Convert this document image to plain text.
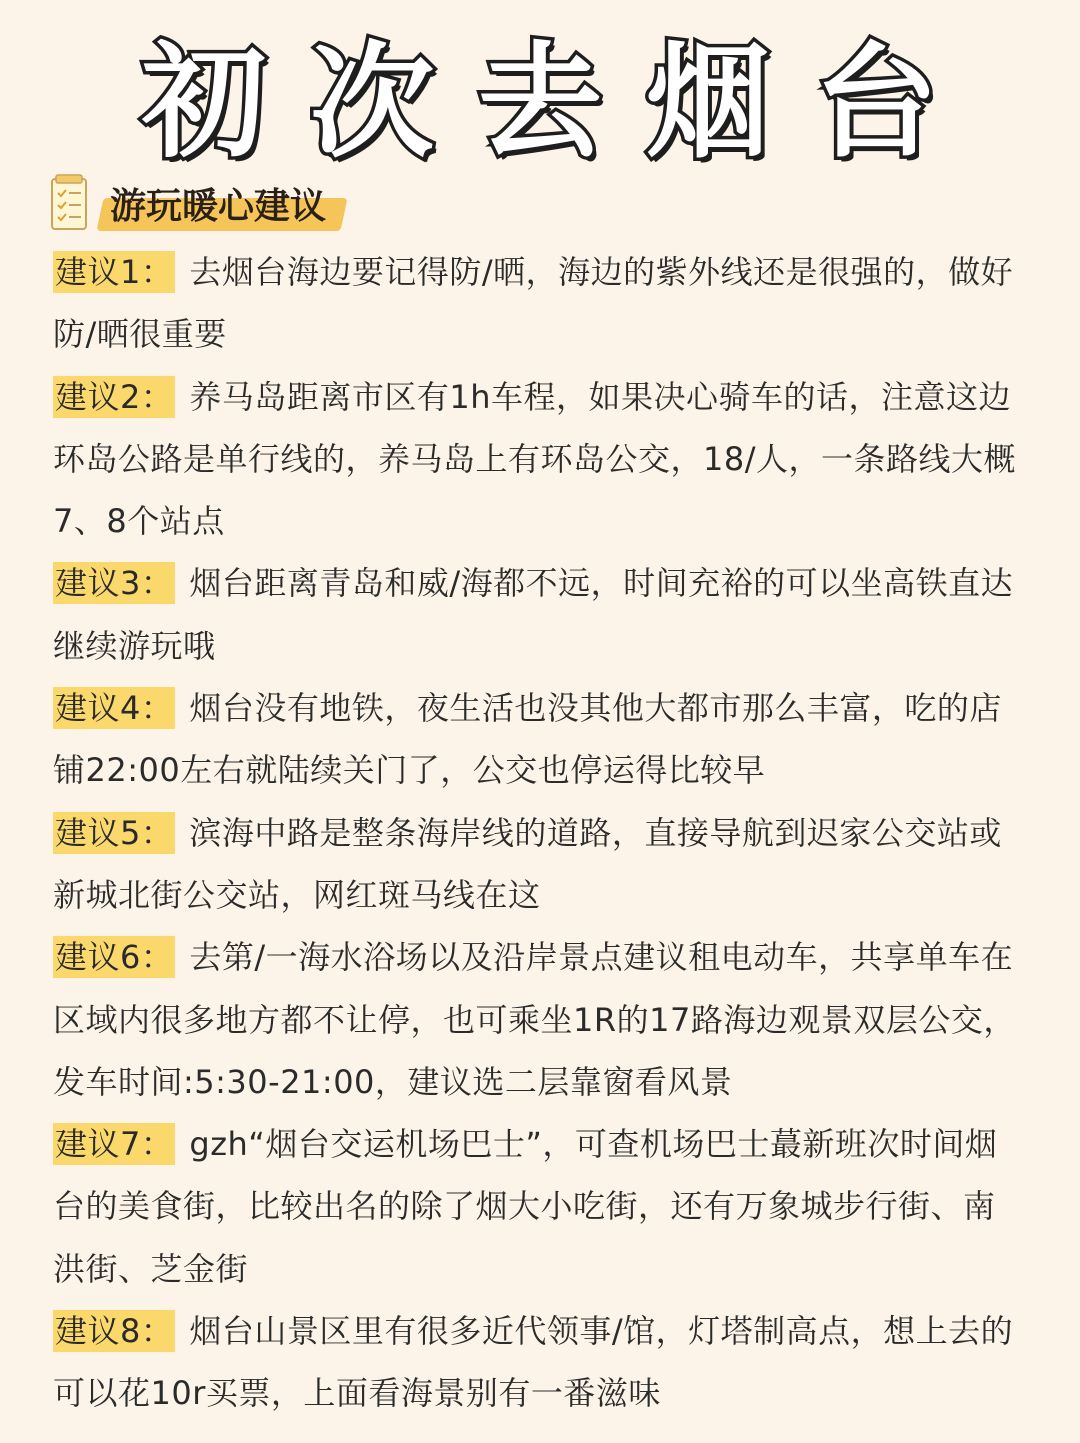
初 次 去 烟 台
游玩暖心建议

建议1： 去烟台海边要记得防/晒，海边的紫外线还是很强的，做好防/晒很重要

建议2： 养马岛距离市区有1h车程，如果决心骑车的话，注意这边环岛公路是单行线的，养马岛上有环岛公交，18/人，一条路线大概7、8个站点

建议3： 烟台距离青岛和威/海都不远，时间充裕的可以坐高铁直达继续游玩哦

建议4： 烟台没有地铁，夜生活也没其他大都市那么丰富，吃的店铺22:00左右就陆续关门了，公交也停运得比较早

建议5： 滨海中路是整条海岸线的道路，直接导航到迟家公交站或新城北街公交站，网红斑马线在这

建议6： 去第/一海水浴场以及沿岸景点建议租电动车，共享单车在区域内很多地方都不让停，也可乘坐1R的17路海边观景双层公交，发车时间:5:30-21:00，建议选二层靠窗看风景

建议7： gzh“烟台交运机场巴士”，可查机场巴士蕞新班次时间烟台的美食街，比较出名的除了烟大小吃街，还有万象城步行街、南洪街、芝金街

建议8： 烟台山景区里有很多近代领事/馆，灯塔制高点，想上去的可以花10r买票，上面看海景别有一番滋味
